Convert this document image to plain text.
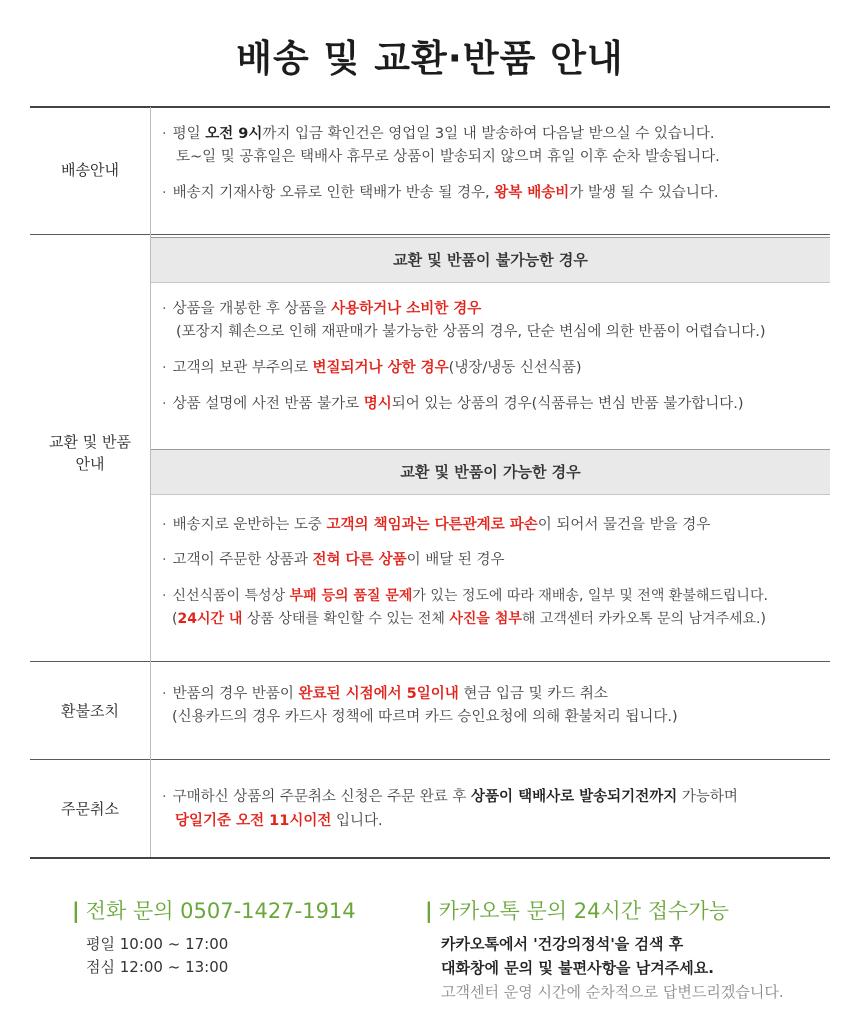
배송 및 교환·반품 안내
배송안내
· 평일 오전 9시까지 입금 확인건은 영업일 3일 내 발송하여 다음날 받으실 수 있습니다.
토~일 및 공휴일은 택배사 휴무로 상품이 발송되지 않으며 휴일 이후 순차 발송됩니다.
· 배송지 기재사항 오류로 인한 택배가 반송 될 경우, 왕복 배송비가 발생 될 수 있습니다.
교환 및 반품
안내
교환 및 반품이 불가능한 경우
· 상품을 개봉한 후 상품을 사용하거나 소비한 경우
(포장지 훼손으로 인해 재판매가 불가능한 상품의 경우, 단순 변심에 의한 반품이 어렵습니다.)
· 고객의 보관 부주의로 변질되거나 상한 경우(냉장/냉동 신선식품)
· 상품 설명에 사전 반품 불가로 명시되어 있는 상품의 경우(식품류는 변심 반품 불가합니다.)
교환 및 반품이 가능한 경우
· 배송지로 운반하는 도중 고객의 책임과는 다른관계로 파손이 되어서 물건을 받을 경우
· 고객이 주문한 상품과 전혀 다른 상품이 배달 된 경우
· 신선식품이 특성상 부패 등의 품질 문제가 있는 정도에 따라 재배송, 일부 및 전액 환불해드립니다.
(24시간 내 상품 상태를 확인할 수 있는 전체 사진을 첨부해 고객센터 카카오톡 문의 남겨주세요.)
환불조치
· 반품의 경우 반품이 완료된 시점에서 5일이내 현금 입금 및 카드 취소
(신용카드의 경우 카드사 정책에 따르며 카드 승인요청에 의해 환불처리 됩니다.)
주문취소
· 구매하신 상품의 주문취소 신청은 주문 완료 후 상품이 택배사로 발송되기전까지 가능하며
당일기준 오전 11시이전 입니다.
| 전화 문의 0507-1427-1914
평일 10:00 ~ 17:00
점심 12:00 ~ 13:00
| 카카오톡 문의 24시간 접수가능
카카오톡에서 '건강의정석'을 검색 후
대화창에 문의 및 불편사항을 남겨주세요.
고객센터 운영 시간에 순차적으로 답변드리겠습니다.
